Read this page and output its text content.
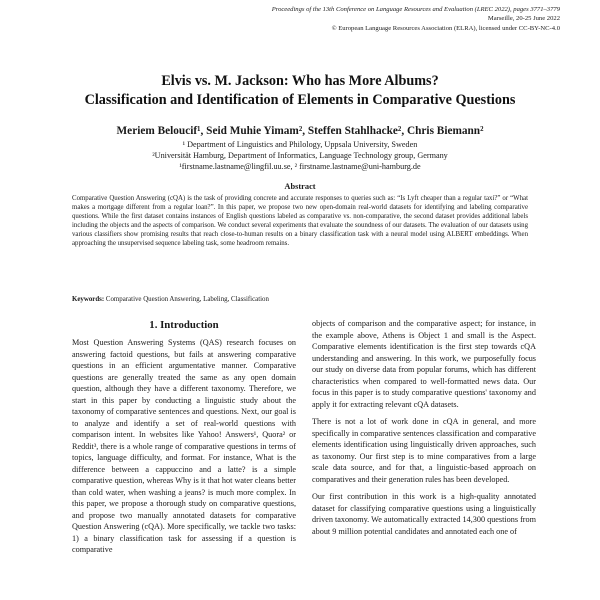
Proceedings of the 13th Conference on Language Resources and Evaluation (LREC 2022), pages 3771–3779
Marseille, 20-25 June 2022
© European Language Resources Association (ELRA), licensed under CC-BY-NC-4.0
Elvis vs. M. Jackson: Who has More Albums?
Classification and Identification of Elements in Comparative Questions
Meriem Beloucif¹, Seid Muhie Yimam², Steffen Stahlhacke², Chris Biemann²
¹ Department of Linguistics and Philology, Uppsala University, Sweden
²Universität Hamburg, Department of Informatics, Language Technology group, Germany
¹firstname.lastname@lingfil.uu.se, ² firstname.lastname@uni-hamburg.de
Abstract
Comparative Question Answering (cQA) is the task of providing concrete and accurate responses to queries such as: “Is Lyft cheaper than a regular taxi?” or “What makes a mortgage different from a regular loan?”. In this paper, we propose two new open-domain real-world datasets for identifying and labeling comparative questions. While the first dataset contains instances of English questions labeled as comparative vs. non-comparative, the second dataset provides additional labels including the objects and the aspects of comparison. We conduct several experiments that evaluate the soundness of our datasets. The evaluation of our datasets using various classifiers show promising results that reach close-to-human results on a binary classification task with a neural model using ALBERT embeddings. When approaching the unsupervised sequence labeling task, some headroom remains.
Keywords: Comparative Question Answering, Labeling, Classification
1. Introduction

Most Question Answering Systems (QAS) research focuses on answering factoid questions, but fails at answering comparative questions in an efficient argumentative manner. Comparative questions are generally treated the same as any open domain question, although they have a different taxonomy. Therefore, we start in this paper by conducting a linguistic study about the taxonomy of comparative sentences and questions. Next, our goal is to analyze and identify a set of real-world questions with comparison intent. In websites like Yahoo! Answers¹, Quora² or Reddit³, there is a whole range of comparative questions in terms of topics, language difficulty, and format. For instance, What is the difference between a cappuccino and a latte? is a simple comparative question, whereas Why is it that hot water cleans better than cold water, when washing a jeans? is much more complex. In this paper, we propose a thorough study on comparative questions, and propose two manually annotated datasets for comparative Question Answering (cQA). More specifically, we tackle two tasks: 1) a binary classification task for assessing if a question is comparative

objects of comparison and the comparative aspect; for instance, in the example above, Athens is Object 1 and small is the Aspect. Comparative elements identification is the first step towards cQA understanding and answering. In this work, we purposefully focus our study on diverse data from popular forums, which has different characteristics when compared to well-formatted news data. Our focus in this paper is to study comparative questions' taxonomy and apply it for extracting relevant cQA datasets.

There is not a lot of work done in cQA in general, and more specifically in comparative sentences classification and comparative elements identification using linguistically driven approaches, such as taxonomy. Our first step is to mine comparatives from a large scale data source, and for that, a linguistic-based approach on comparatives and their generation rules has been developed.

Our first contribution in this work is a high-quality annotated dataset for classifying comparative questions using a linguistically driven taxonomy. We automatically extracted 14,300 questions from about 9 million potential candidates and annotated each one of
